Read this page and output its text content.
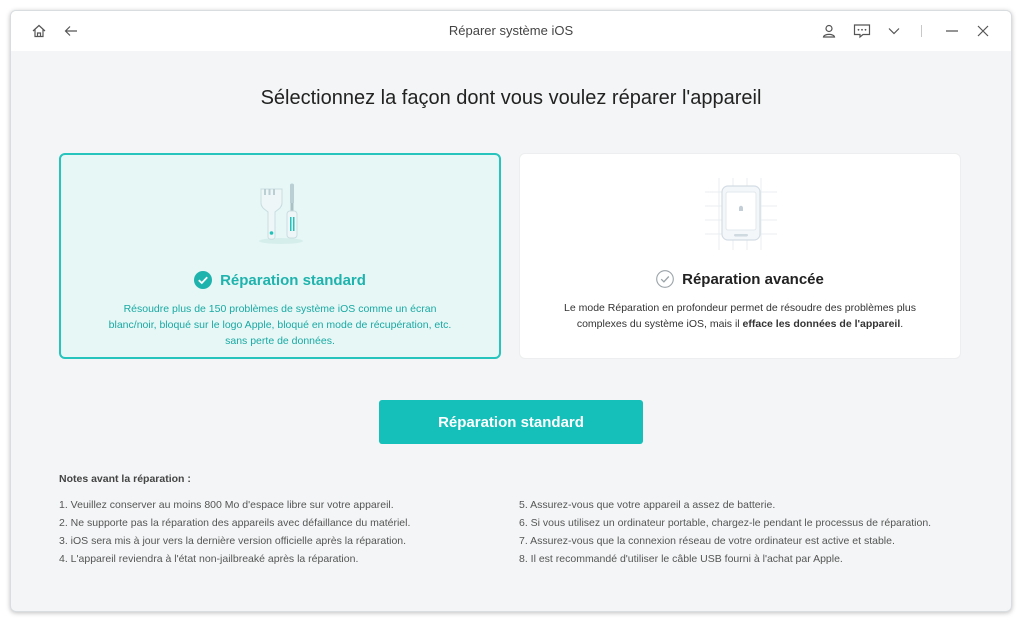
Réparer système iOS
Sélectionnez la façon dont vous voulez réparer l'appareil
Réparation standard
Résoudre plus de 150 problèmes de système iOS comme un écran blanc/noir, bloqué sur le logo Apple, bloqué en mode de récupération, etc. sans perte de données.
Réparation avancée
Le mode Réparation en profondeur permet de résoudre des problèmes plus complexes du système iOS, mais il efface les données de l'appareil.
Réparation standard
Notes avant la réparation :
1. Veuillez conserver au moins 800 Mo d'espace libre sur votre appareil.
2. Ne supporte pas la réparation des appareils avec défaillance du matériel.
3. iOS sera mis à jour vers la dernière version officielle après la réparation.
4. L'appareil reviendra à l'état non-jailbreaké après la réparation.
5. Assurez-vous que votre appareil a assez de batterie.
6. Si vous utilisez un ordinateur portable, chargez-le pendant le processus de réparation.
7. Assurez-vous que la connexion réseau de votre ordinateur est active et stable.
8. Il est recommandé d'utiliser le câble USB fourni à l'achat par Apple.
